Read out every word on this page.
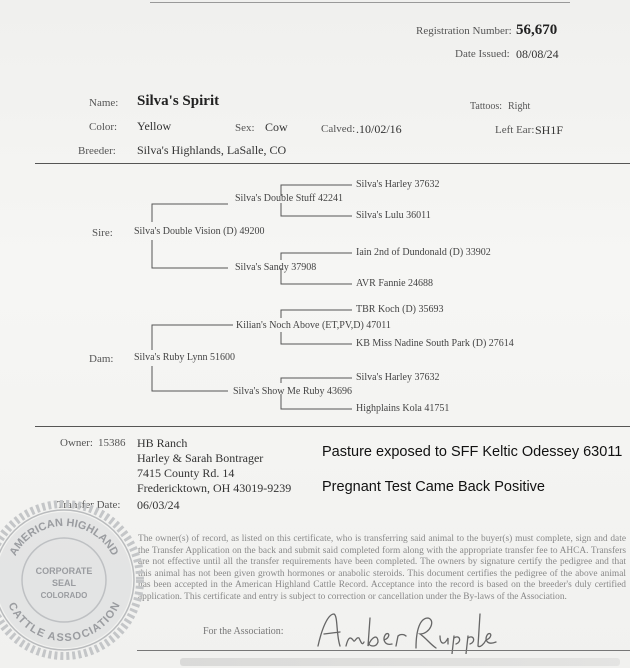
Registration Number: 56,670
Date Issued: 08/08/24
Name: Silva's Spirit	Tattoos: Right
Color: Yellow	Sex: Cow	Calved: .10/02/16	Left Ear: SH1F
Breeder: Silva's Highlands, LaSalle, CO
Silva's Harley 37632
Silva's Double Stuff 42241
Silva's Lulu 36011
Sire: Silva's Double Vision (D) 49200
Iain 2nd of Dundonald (D) 33902
Silva's Sandy 37908
AVR Fannie 24688
TBR Koch (D) 35693
Kilian's Noch Above (ET,PV,D) 47011
KB Miss Nadine South Park (D) 27614
Dam: Silva's Ruby Lynn 51600
Silva's Harley 37632
Silva's Show Me Ruby 43696
Highplains Kola 41751
Owner: 15386 HB Ranch
Harley & Sarah Bontrager
7415 County Rd. 14
Fredericktown, OH 43019-9239
Transfer Date: 06/03/24
Pasture exposed to SFF Keltic Odessey 63011
Pregnant Test Came Back Positive
The owner(s) of record, as listed on this certificate, who is transferring said animal to the buyer(s) must complete, sign and date the Transfer Application on the back and submit said completed form along with the appropriate transfer fee to AHCA. Transfers are not effective until all the transfer requirements have been completed. The owners by signature certify the pedigree and that this animal has not been given growth hormones or anabolic steroids. This document certifies the pedigree of the above animal has been accepted in the American Highland Cattle Record. Acceptance into the record is based on the breeder's duly certified application. This certificate and entry is subject to correction or cancellation under the By-laws of the Association.
For the Association:
AMERICAN HIGHLAND
CATTLE ASSOCIATION
CORPORATE
SEAL
COLORADO
